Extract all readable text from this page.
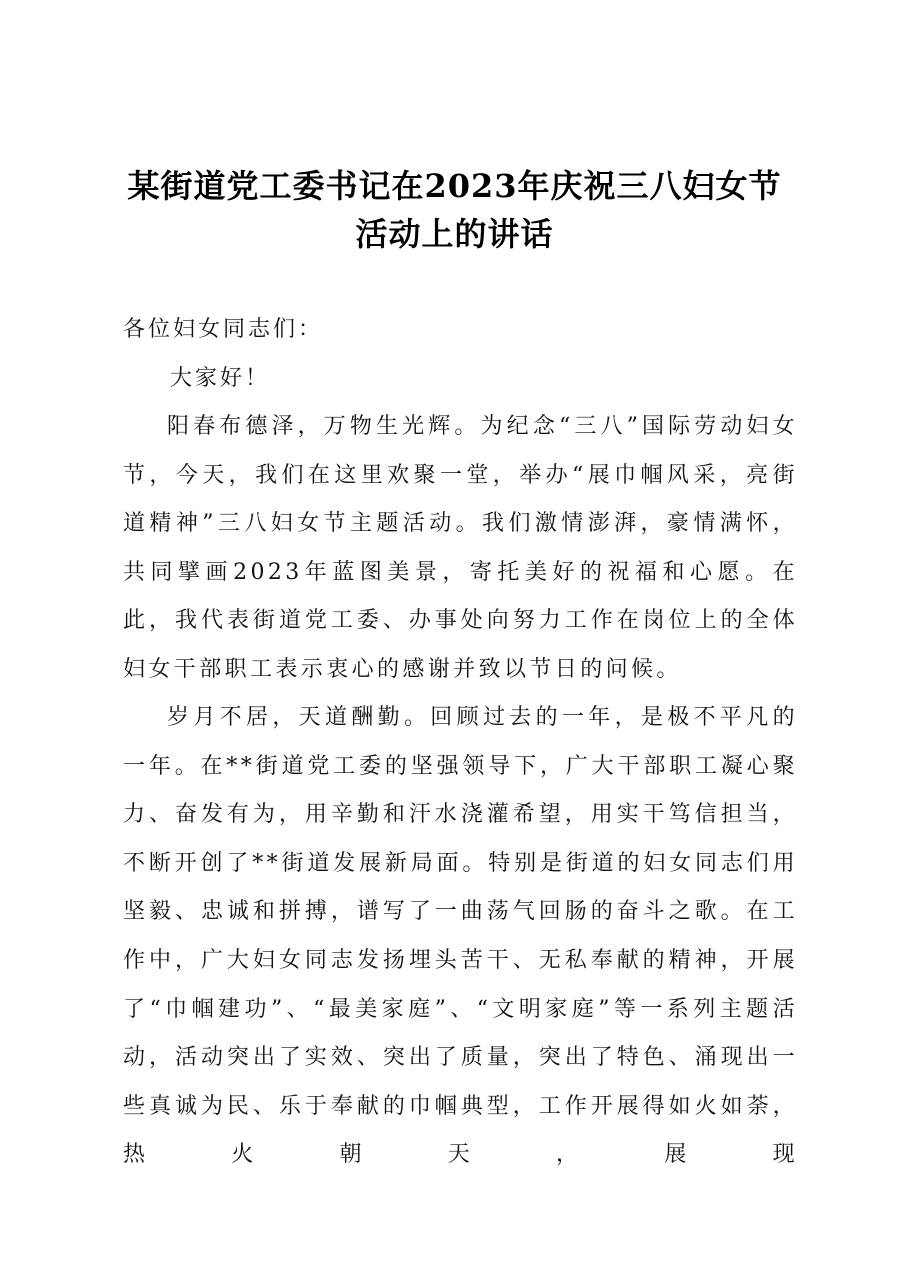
某街道党工委书记在2023年庆祝三八妇女节
活动上的讲话
各位妇女同志们：
大家好！

阳春布德泽，万物生光辉。为纪念“三八”国际劳动妇女节，今天，我们在这里欢聚一堂，举办“展巾帼风采，亮街道精神”三八妇女节主题活动。我们激情澎湃，豪情满怀，共同擘画2023年蓝图美景，寄托美好的祝福和心愿。在此，我代表街道党工委、办事处向努力工作在岗位上的全体妇女干部职工表示衷心的感谢并致以节日的问候。

岁月不居，天道酬勤。回顾过去的一年，是极不平凡的一年。在**街道党工委的坚强领导下，广大干部职工凝心聚力、奋发有为，用辛勤和汗水浇灌希望，用实干笃信担当，不断开创了**街道发展新局面。特别是街道的妇女同志们用坚毅、忠诚和拼搏，谱写了一曲荡气回肠的奋斗之歌。在工作中，广大妇女同志发扬埋头苦干、无私奉献的精神，开展了“巾帼建功”、“最美家庭”、“文明家庭”等一系列主题活动，活动突出了实效、突出了质量，突出了特色、涌现出一些真诚为民、乐于奉献的巾帼典型，工作开展得如火如荼，热火朝天，展现
